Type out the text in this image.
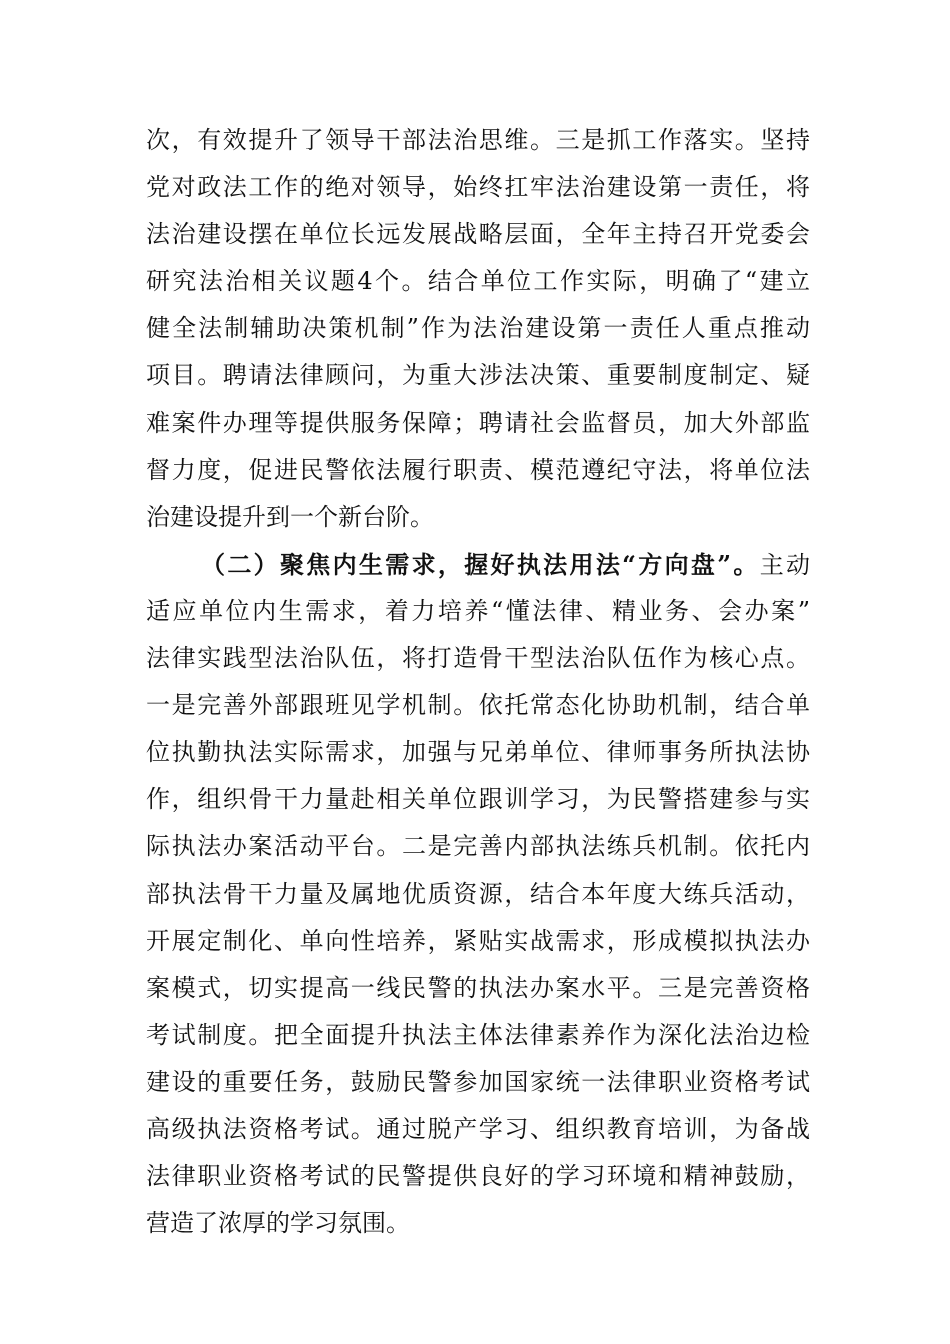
次，有效提升了领导干部法治思维。三是抓工作落实。坚持
党对政法工作的绝对领导，始终扛牢法治建设第一责任，将
法治建设摆在单位长远发展战略层面，全年主持召开党委会
研究法治相关议题4个。结合单位工作实际，明确了“建立
健全法制辅助决策机制”作为法治建设第一责任人重点推动
项目。聘请法律顾问，为重大涉法决策、重要制度制定、疑
难案件办理等提供服务保障；聘请社会监督员，加大外部监
督力度，促进民警依法履行职责、模范遵纪守法，将单位法
治建设提升到一个新台阶。
（二）聚焦内生需求，握好执法用法“方向盘”。主动
适应单位内生需求，着力培养“懂法律、精业务、会办案”
法律实践型法治队伍，将打造骨干型法治队伍作为核心点。
一是完善外部跟班见学机制。依托常态化协助机制，结合单
位执勤执法实际需求，加强与兄弟单位、律师事务所执法协
作，组织骨干力量赴相关单位跟训学习，为民警搭建参与实
际执法办案活动平台。二是完善内部执法练兵机制。依托内
部执法骨干力量及属地优质资源，结合本年度大练兵活动，
开展定制化、单向性培养，紧贴实战需求，形成模拟执法办
案模式，切实提高一线民警的执法办案水平。三是完善资格
考试制度。把全面提升执法主体法律素养作为深化法治边检
建设的重要任务，鼓励民警参加国家统一法律职业资格考试
高级执法资格考试。通过脱产学习、组织教育培训，为备战
法律职业资格考试的民警提供良好的学习环境和精神鼓励，
营造了浓厚的学习氛围。
